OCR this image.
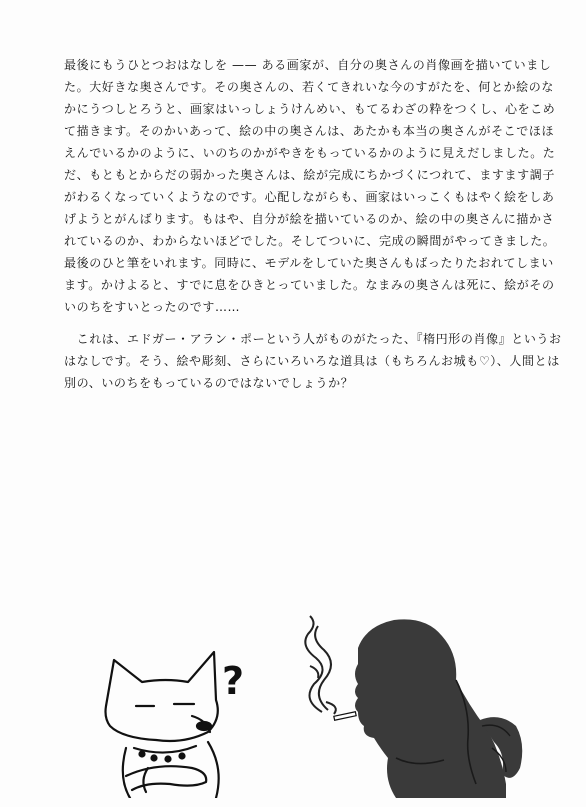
最後にもうひとつおはなしを —— ある画家が、自分の奥さんの肖像画を描いていまし
た。大好きな奥さんです。その奥さんの、若くてきれいな今のすがたを、何とか絵のな
かにうつしとろうと、画家はいっしょうけんめい、もてるわざの粋をつくし、心をこめ
て描きます。そのかいあって、絵の中の奥さんは、あたかも本当の奥さんがそこでほほ
えんでいるかのように、いのちのかがやきをもっているかのように見えだしました。た
だ、もともとからだの弱かった奥さんは、絵が完成にちかづくにつれて、ますます調子
がわるくなっていくようなのです。心配しながらも、画家はいっこくもはやく絵をしあ
げようとがんばります。もはや、自分が絵を描いているのか、絵の中の奥さんに描かさ
れているのか、わからないほどでした。そしてついに、完成の瞬間がやってきました。
最後のひと筆をいれます。同時に、モデルをしていた奥さんもばったりたおれてしまい
ます。かけよると、すでに息をひきとっていました。なまみの奥さんは死に、絵がその
いのちをすいとったのです……
　これは、エドガー・アラン・ポーという人がものがたった、『楕円形の肖像』というお
はなしです。そう、絵や彫刻、さらにいろいろな道具は（もちろんお城も♡）、人間とは
別の、いのちをもっているのではないでしょうか？
?
